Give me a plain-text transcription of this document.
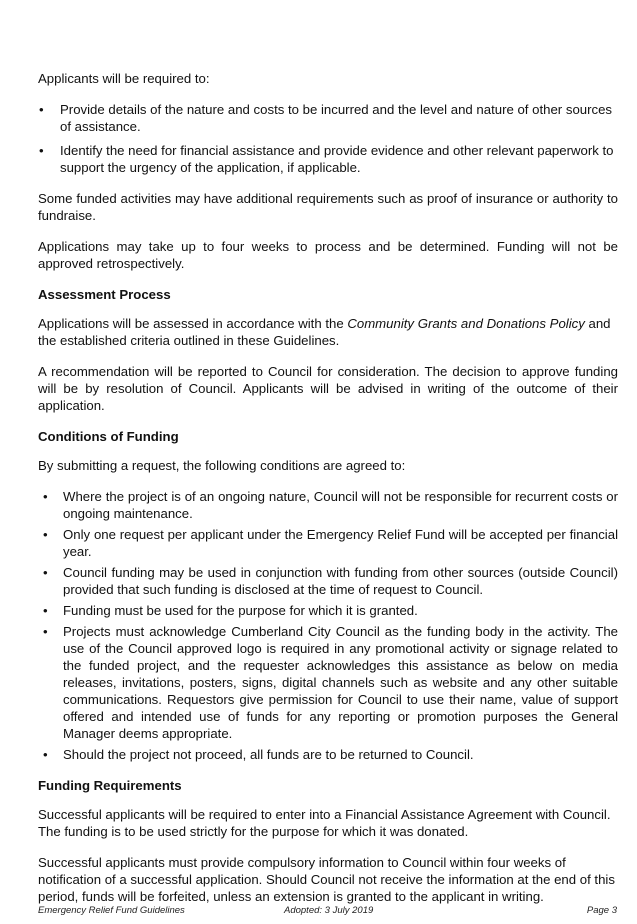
Applicants will be required to:

• Provide details of the nature and costs to be incurred and the level and nature of other sources of assistance.
• Identify the need for financial assistance and provide evidence and other relevant paperwork to support the urgency of the application, if applicable.

Some funded activities may have additional requirements such as proof of insurance or authority to fundraise.

Applications may take up to four weeks to process and be determined. Funding will not be approved retrospectively.

Assessment Process

Applications will be assessed in accordance with the Community Grants and Donations Policy and the established criteria outlined in these Guidelines.

A recommendation will be reported to Council for consideration. The decision to approve funding will be by resolution of Council. Applicants will be advised in writing of the outcome of their application.

Conditions of Funding

By submitting a request, the following conditions are agreed to:

• Where the project is of an ongoing nature, Council will not be responsible for recurrent costs or ongoing maintenance.
• Only one request per applicant under the Emergency Relief Fund will be accepted per financial year.
• Council funding may be used in conjunction with funding from other sources (outside Council) provided that such funding is disclosed at the time of request to Council.
• Funding must be used for the purpose for which it is granted.
• Projects must acknowledge Cumberland City Council as the funding body in the activity. The use of the Council approved logo is required in any promotional activity or signage related to the funded project, and the requester acknowledges this assistance as below on media releases, invitations, posters, signs, digital channels such as website and any other suitable communications. Requestors give permission for Council to use their name, value of support offered and intended use of funds for any reporting or promotion purposes the General Manager deems appropriate.
• Should the project not proceed, all funds are to be returned to Council.
Funding Requirements

Successful applicants will be required to enter into a Financial Assistance Agreement with Council. The funding is to be used strictly for the purpose for which it was donated.

Successful applicants must provide compulsory information to Council within four weeks of notification of a successful application. Should Council not receive the information at the end of this period, funds will be forfeited, unless an extension is granted to the applicant in writing.

Emergency Relief Fund Guidelines	Adopted: 3 July 2019	Page 3
